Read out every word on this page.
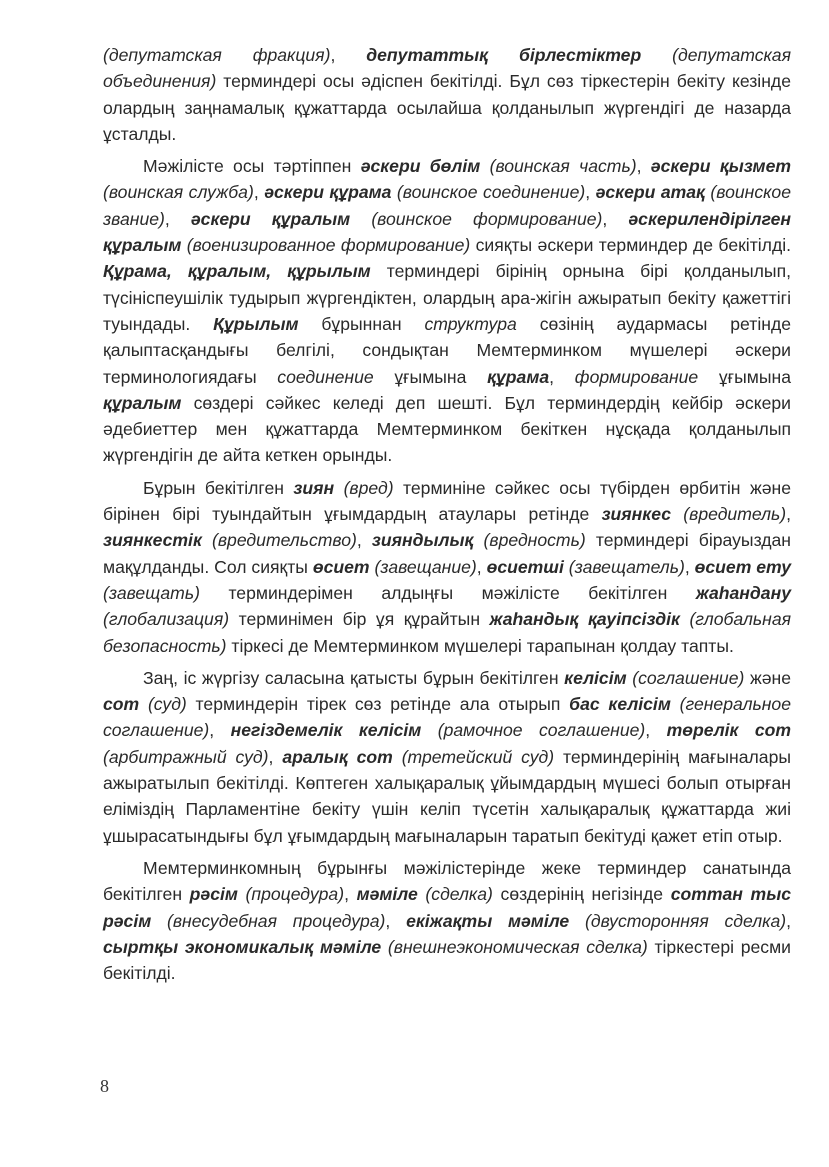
(депутатская фракция), депутаттық бірлестіктер (депутатская объединения) терминдері осы әдіспен бекітілді. Бұл сөз тіркестерін бекіту кезінде олардың заңнамалық құжаттарда осылайша қолданылып жүргендігі де назарда ұсталды.

Мәжілісте осы тәртіппен әскери бөлім (воинская часть), әскери қызмет (воинская служба), әскери құрама (воинское соединение), әскери атақ (воинское звание), әскери құралым (воинское формирование), әскерилендірілген құралым (военизированное формирование) сияқты әскери терминдер де бекітілді. Құрама, құралым, құрылым терминдері бірінің орнына бірі қолданылып, түсініспеушілік тудырып жүргендіктен, олардың ара-жігін ажыратып бекіту қажеттігі туындады. Құрылым бұрыннан структура сөзінің аудармасы ретінде қалыптасқандығы белгілі, сондықтан Мемтерминком мүшелері әскери терминологиядағы соединение ұғымына құрама, формирование ұғымына құралым сөздері сәйкес келеді деп шешті. Бұл терминдердің кейбір әскери әдебиеттер мен құжаттарда Мемтерминком бекіткен нұсқада қолданылып жүргендігін де айта кеткен орынды.

Бұрын бекітілген зиян (вред) терминіне сәйкес осы түбірден өрбитін және бірінен бірі туындайтын ұғымдардың атаулары ретінде зиянкес (вредитель), зиянкестік (вредительство), зияндылық (вредность) терминдері бірауыздан мақұлданды. Сол сияқты өсиет (завещание), өсиетші (завещатель), өсиет ету (завещать) терминдерімен алдыңғы мәжілісте бекітілген жаһандану (глобализация) терминімен бір ұя құрайтын жаһандық қауіпсіздік (глобальная безопасность) тіркесі де Мемтерминком мүшелері тарапынан қолдау тапты.

Заң, іс жүргізу саласына қатысты бұрын бекітілген келісім (соглашение) және сот (суд) терминдерін тірек сөз ретінде ала отырып бас келісім (генеральное соглашение), негіздемелік келісім (рамочное соглашение), төрелік сот (арбитражный суд), аралық сот (третейский суд) терминдерінің мағыналары ажыратылып бекітілді. Көптеген халықаралық ұйымдардың мүшесі болып отырған еліміздің Парламентіне бекіту үшін келіп түсетін халықаралық құжаттарда жиі ұшырасатындығы бұл ұғымдардың мағыналарын таратып бекітуді қажет етіп отыр.

Мемтерминкомның бұрынғы мәжілістерінде жеке терминдер санатында бекітілген рәсім (процедура), мәміле (сделка) сөздерінің негізінде соттан тыс рәсім (внесудебная процедура), екіжақты мәміле (двусторонняя сделка), сыртқы экономикалық мәміле (внешнеэкономическая сделка) тіркестері ресми бекітілді.

8
